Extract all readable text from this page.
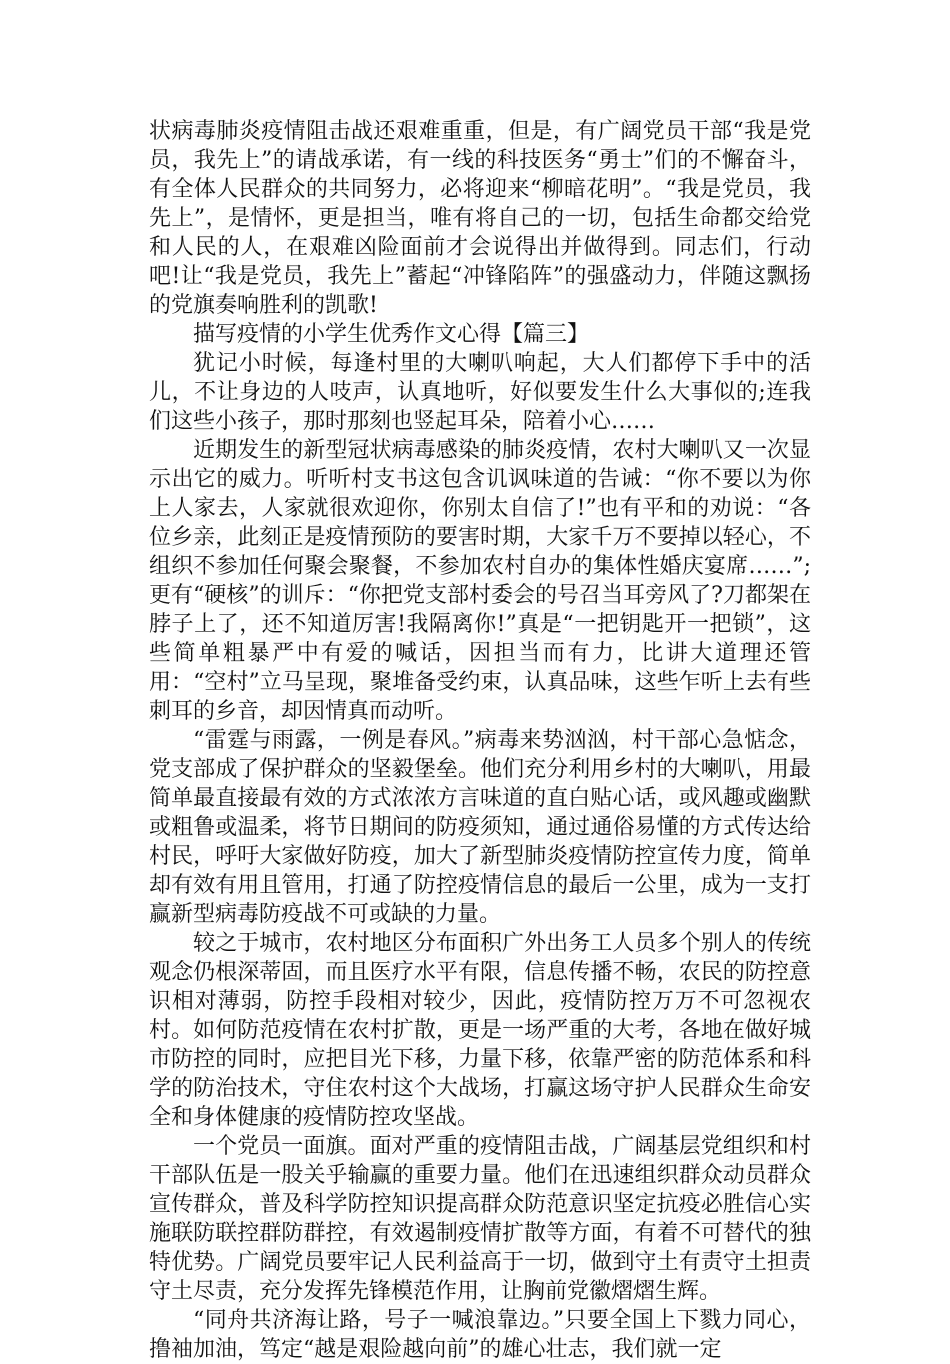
状病毒肺炎疫情阻击战还艰难重重，但是，有广阔党员干部“我是党员，我先上”的请战承诺，有一线的科技医务“勇士”们的不懈奋斗，有全体人民群众的共同努力，必将迎来“柳暗花明”。“我是党员，我先上”，是情怀，更是担当，唯有将自己的一切，包括生命都交给党和人民的人，在艰难凶险面前才会说得出并做得到。同志们，行动吧!让“我是党员，我先上”蓄起“冲锋陷阵”的强盛动力，伴随这飘扬的党旗奏响胜利的凯歌!

描写疫情的小学生优秀作文心得【篇三】

犹记小时候，每逢村里的大喇叭响起，大人们都停下手中的活儿，不让身边的人吱声，认真地听，好似要发生什么大事似的;连我们这些小孩子，那时那刻也竖起耳朵，陪着小心……

近期发生的新型冠状病毒感染的肺炎疫情，农村大喇叭又一次显示出它的威力。听听村支书这包含讥讽味道的告诫：“你不要以为你上人家去，人家就很欢迎你，你别太自信了!”也有平和的劝说：“各位乡亲，此刻正是疫情预防的要害时期，大家千万不要掉以轻心，不组织不参加任何聚会聚餐，不参加农村自办的集体性婚庆宴席……”;更有“硬核”的训斥：“你把党支部村委会的号召当耳旁风了?刀都架在脖子上了，还不知道厉害!我隔离你!”真是“一把钥匙开一把锁”，这些简单粗暴严中有爱的喊话，因担当而有力，比讲大道理还管用：“空村”立马呈现，聚堆备受约束，认真品味，这些乍听上去有些刺耳的乡音，却因情真而动听。

“雷霆与雨露，一例是春风。”病毒来势汹汹，村干部心急惦念，党支部成了保护群众的坚毅堡垒。他们充分利用乡村的大喇叭，用最简单最直接最有效的方式浓浓方言味道的直白贴心话，或风趣或幽默或粗鲁或温柔，将节日期间的防疫须知，通过通俗易懂的方式传达给村民，呼吁大家做好防疫，加大了新型肺炎疫情防控宣传力度，简单却有效有用且管用，打通了防控疫情信息的最后一公里，成为一支打赢新型病毒防疫战不可或缺的力量。

较之于城市，农村地区分布面积广外出务工人员多个别人的传统观念仍根深蒂固，而且医疗水平有限，信息传播不畅，农民的防控意识相对薄弱，防控手段相对较少，因此，疫情防控万万不可忽视农村。如何防范疫情在农村扩散，更是一场严重的大考，各地在做好城市防控的同时，应把目光下移，力量下移，依靠严密的防范体系和科学的防治技术，守住农村这个大战场，打赢这场守护人民群众生命安全和身体健康的疫情防控攻坚战。

一个党员一面旗。面对严重的疫情阻击战，广阔基层党组织和村干部队伍是一股关乎输赢的重要力量。他们在迅速组织群众动员群众宣传群众，普及科学防控知识提高群众防范意识坚定抗疫必胜信心实施联防联控群防群控，有效遏制疫情扩散等方面，有着不可替代的独特优势。广阔党员要牢记人民利益高于一切，做到守土有责守土担责守土尽责，充分发挥先锋模范作用，让胸前党徽熠熠生辉。

“同舟共济海让路，号子一喊浪靠边。”只要全国上下戮力同心，撸袖加油，笃定“越是艰险越向前”的雄心壮志，我们就一定
